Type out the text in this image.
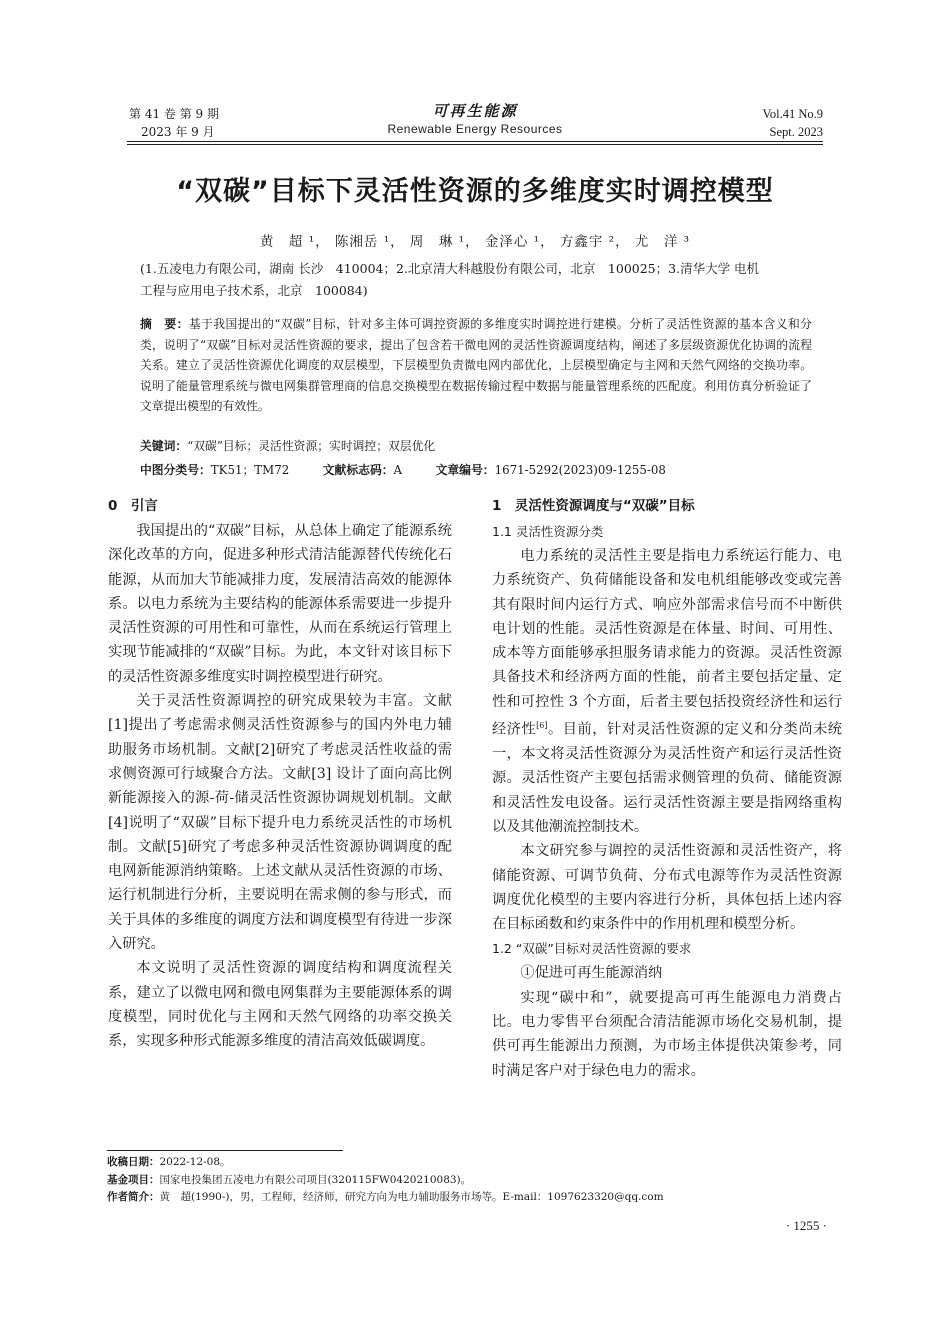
第 41 卷 第 9 期
2023 年 9 月
可再生能源
Renewable Energy Resources
Vol.41 No.9
Sept. 2023
“双碳”目标下灵活性资源的多维度实时调控模型
黄　超 ¹， 陈湘岳 ¹， 周　琳 ¹， 金泽心 ¹， 方鑫宇 ²， 尤　洋 ³
(1.五凌电力有限公司，湖南 长沙　410004；2.北京清大科越股份有限公司，北京　100025；3.清华大学 电机
工程与应用电子技术系，北京　100084)
摘　要：基于我国提出的“双碳”目标，针对多主体可调控资源的多维度实时调控进行建模。分析了灵活性资源的基本含义和分类，说明了“双碳”目标对灵活性资源的要求，提出了包含若干微电网的灵活性资源调度结构，阐述了多层级资源优化协调的流程关系。建立了灵活性资源优化调度的双层模型，下层模型负责微电网内部优化，上层模型确定与主网和天然气网络的交换功率。说明了能量管理系统与微电网集群管理商的信息交换模型在数据传输过程中数据与能量管理系统的匹配度。利用仿真分析验证了文章提出模型的有效性。
关键词：“双碳”目标；灵活性资源；实时调控；双层优化
中图分类号：TK51；TM72	文献标志码：A	文章编号：1671-5292(2023)09-1255-08
0　引言

我国提出的“双碳”目标，从总体上确定了能源系统深化改革的方向，促进多种形式清洁能源替代传统化石能源，从而加大节能减排力度，发展清洁高效的能源体系。以电力系统为主要结构的能源体系需要进一步提升灵活性资源的可用性和可靠性，从而在系统运行管理上实现节能减排的“双碳”目标。为此，本文针对该目标下的灵活性资源多维度实时调控模型进行研究。

关于灵活性资源调控的研究成果较为丰富。文献[1]提出了考虑需求侧灵活性资源参与的国内外电力辅助服务市场机制。文献[2]研究了考虑灵活性收益的需求侧资源可行域聚合方法。文献[3] 设计了面向高比例新能源接入的源-荷-储灵活性资源协调规划机制。文献[4]说明了“双碳”目标下提升电力系统灵活性的市场机制。文献[5]研究了考虑多种灵活性资源协调调度的配电网新能源消纳策略。上述文献从灵活性资源的市场、运行机制进行分析，主要说明在需求侧的参与形式，而关于具体的多维度的调度方法和调度模型有待进一步深入研究。

本文说明了灵活性资源的调度结构和调度流程关系，建立了以微电网和微电网集群为主要能源体系的调度模型，同时优化与主网和天然气网络的功率交换关系，实现多种形式能源多维度的清洁高效低碳调度。

1　灵活性资源调度与“双碳”目标
1.1 灵活性资源分类

电力系统的灵活性主要是指电力系统运行能力、电力系统资产、负荷储能设备和发电机组能够改变或完善其有限时间内运行方式、响应外部需求信号而不中断供电计划的性能。灵活性资源是在体量、时间、可用性、成本等方面能够承担服务请求能力的资源。灵活性资源具备技术和经济两方面的性能，前者主要包括定量、定性和可控性 3 个方面，后者主要包括投资经济性和运行经济性[6]。目前，针对灵活性资源的定义和分类尚未统一，本文将灵活性资源分为灵活性资产和运行灵活性资源。灵活性资产主要包括需求侧管理的负荷、储能资源和灵活性发电设备。运行灵活性资源主要是指网络重构以及其他潮流控制技术。

本文研究参与调控的灵活性资源和灵活性资产，将储能资源、可调节负荷、分布式电源等作为灵活性资源调度优化模型的主要内容进行分析，具体包括上述内容在目标函数和约束条件中的作用机理和模型分析。

1.2 “双碳”目标对灵活性资源的要求

①促进可再生能源消纳

实现“碳中和”，就要提高可再生能源电力消费占比。电力零售平台须配合清洁能源市场化交易机制，提供可再生能源出力预测，为市场主体提供决策参考，同时满足客户对于绿色电力的需求。

收稿日期：2022-12-08。
基金项目：国家电投集团五凌电力有限公司项目(320115FW0420210083)。
作者简介：黄　超(1990-)，男，工程师，经济师，研究方向为电力辅助服务市场等。E-mail：1097623320@qq.com
· 1255 ·
